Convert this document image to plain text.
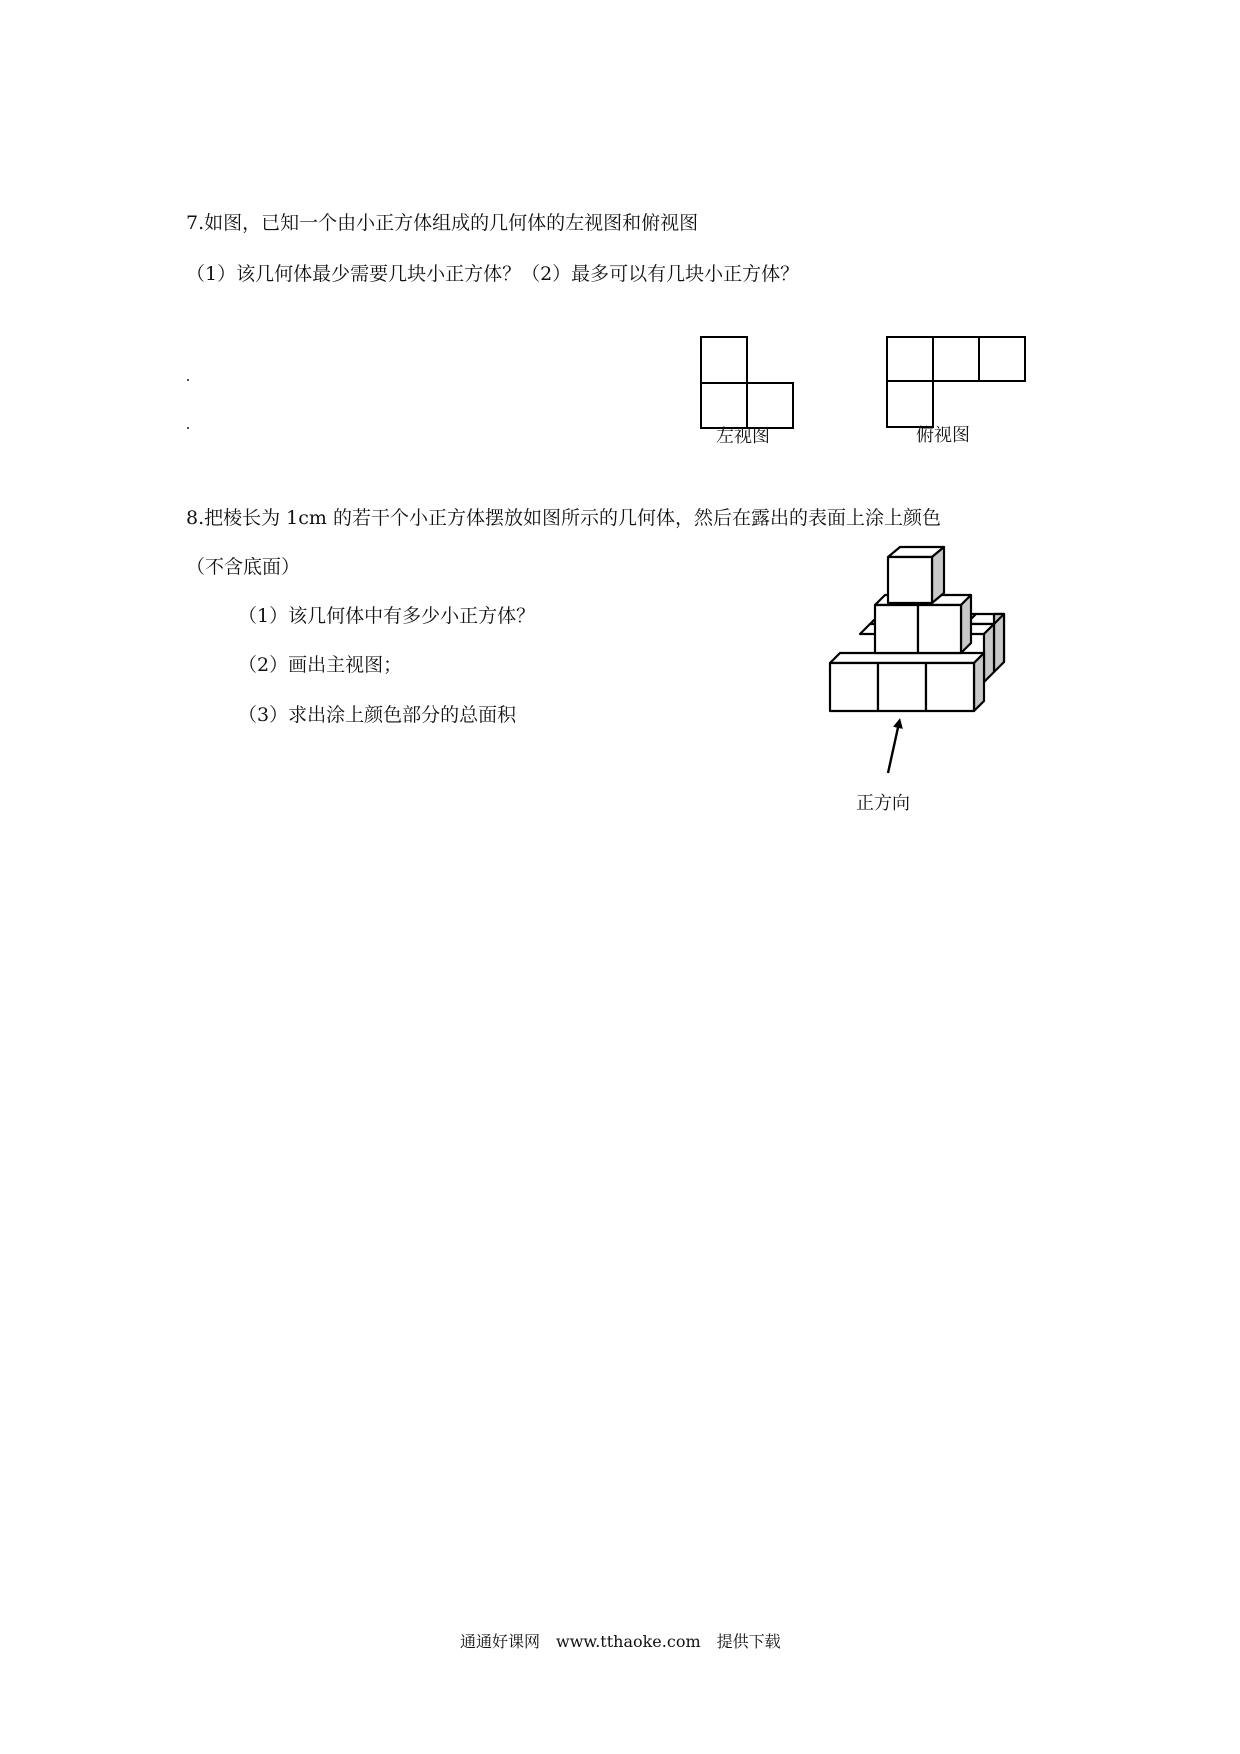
7.如图，已知一个由小正方体组成的几何体的左视图和俯视图
（1）该几何体最少需要几块小正方体？（2）最多可以有几块小正方体？
左视图	俯视图
8.把棱长为 1cm 的若干个小正方体摆放如图所示的几何体，然后在露出的表面上涂上颜色
（不含底面）
（1）该几何体中有多少小正方体？
（2）画出主视图；
（3）求出涂上颜色部分的总面积
正方向
通通好课网　www.tthaoke.com　提供下载
